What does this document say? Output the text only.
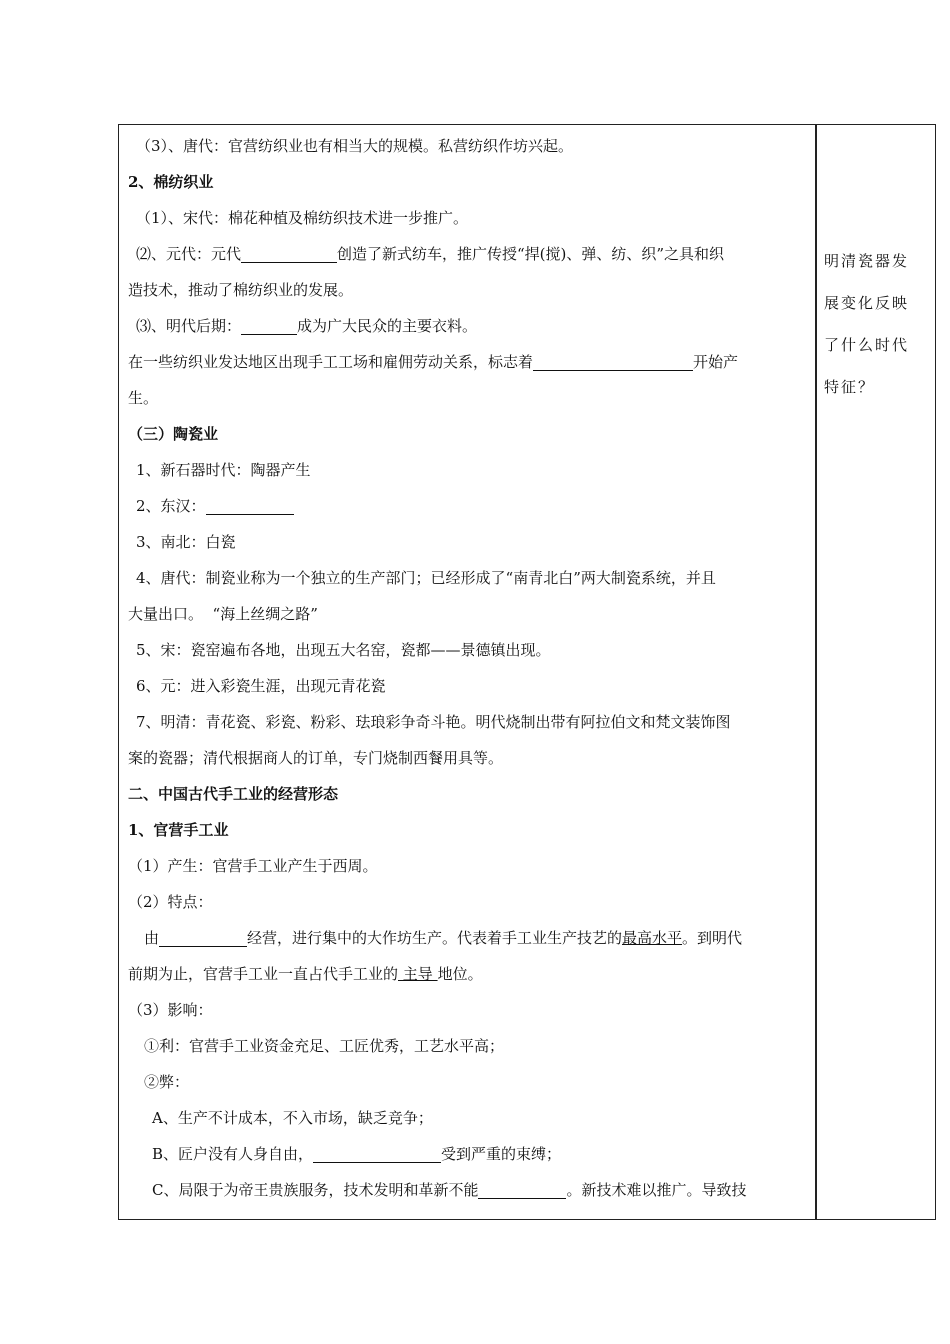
（3）、唐代：官营纺织业也有相当大的规模。私营纺织作坊兴起。
2、棉纺织业
（1）、宋代：棉花种植及棉纺织技术进一步推广。
⑵、元代：元代	创造了新式纺车，推广传授“捍(搅)、弹、纺、织”之具和织
造技术，推动了棉纺织业的发展。
⑶、明代后期：	成为广大民众的主要衣料。
在一些纺织业发达地区出现手工工场和雇佣劳动关系，标志着	开始产
生。
（三）陶瓷业
1、新石器时代：陶器产生
2、东汉：
3、南北：白瓷
4、唐代：制瓷业称为一个独立的生产部门；已经形成了“南青北白”两大制瓷系统，并且
大量出口。  “海上丝绸之路”
5、宋：瓷窑遍布各地，出现五大名窑，瓷都——景德镇出现。
6、元：进入彩瓷生涯，出现元青花瓷
7、明清：青花瓷、彩瓷、粉彩、珐琅彩争奇斗艳。明代烧制出带有阿拉伯文和梵文装饰图
案的瓷器；清代根据商人的订单，专门烧制西餐用具等。
二、中国古代手工业的经营形态
1、官营手工业
（1）产生：官营手工业产生于西周。
（2）特点：
由	经营，进行集中的大作坊生产。代表着手工业生产技艺的最高水平。到明代
前期为止，官营手工业一直占代手工业的 主导 地位。
（3）影响：
①利：官营手工业资金充足、工匠优秀，工艺水平高；
②弊：
A、生产不计成本，不入市场，缺乏竞争；
B、匠户没有人身自由，	受到严重的束缚；
C、局限于为帝王贵族服务，技术发明和革新不能	。新技术难以推广。导致技
明清瓷器发
展变化反映
了什么时代
特征？
